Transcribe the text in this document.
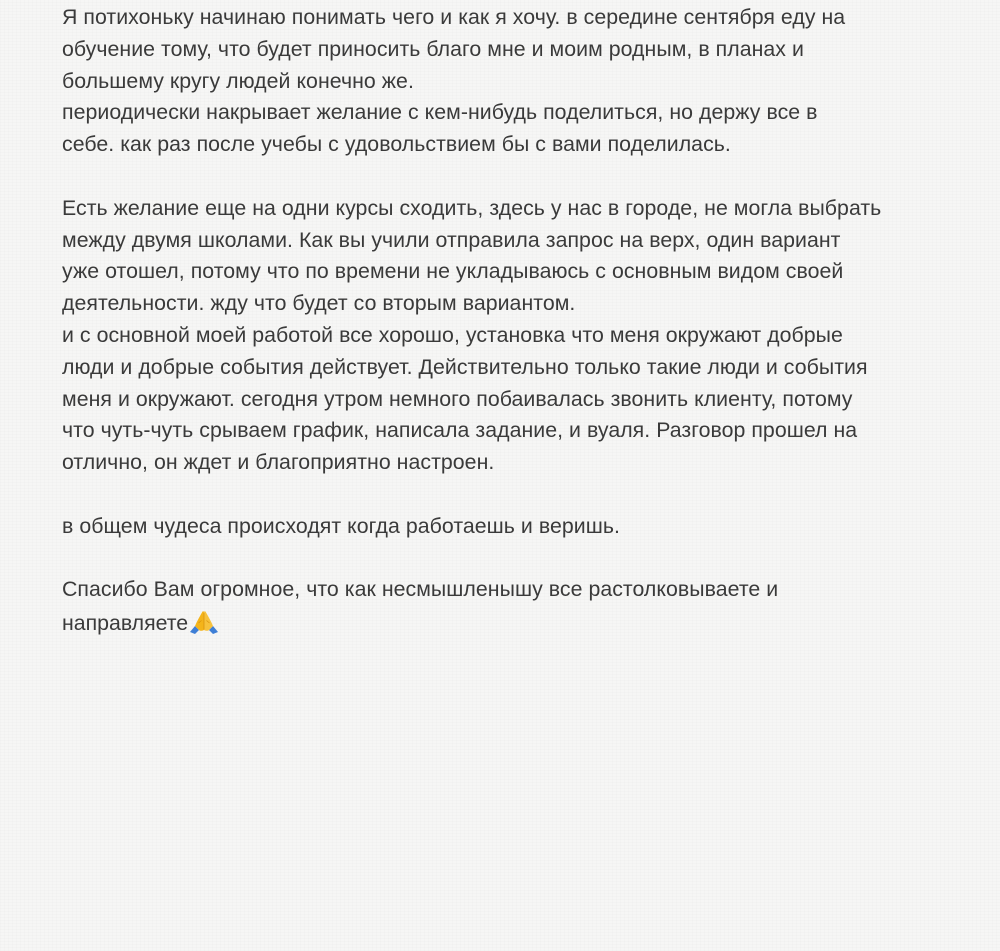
Я потихоньку начинаю понимать чего и как я хочу. в середине сентября еду на
обучение тому, что будет приносить благо мне и моим родным, в планах и
большему кругу людей конечно же.
периодически накрывает желание с кем-нибудь поделиться, но держу все в
себе. как раз после учебы с удовольствием бы с вами поделилась.
Есть желание еще на одни курсы сходить, здесь у нас в городе, не могла выбрать
между двумя школами. Как вы учили отправила запрос на верх, один вариант
уже отошел, потому что по времени не укладываюсь с основным видом своей
деятельности. жду что будет со вторым вариантом.
и с основной моей работой все хорошо, установка что меня окружают добрые
люди и добрые события действует. Действительно только такие люди и события
меня и окружают. сегодня утром немного побаивалась звонить клиенту, потому
что чуть-чуть срываем график, написала задание, и вуаля. Разговор прошел на
отлично, он ждет и благоприятно настроен.
в общем чудеса происходят когда работаешь и веришь.
Спасибо Вам огромное, что как несмышленышу все растолковываете и
направляете
